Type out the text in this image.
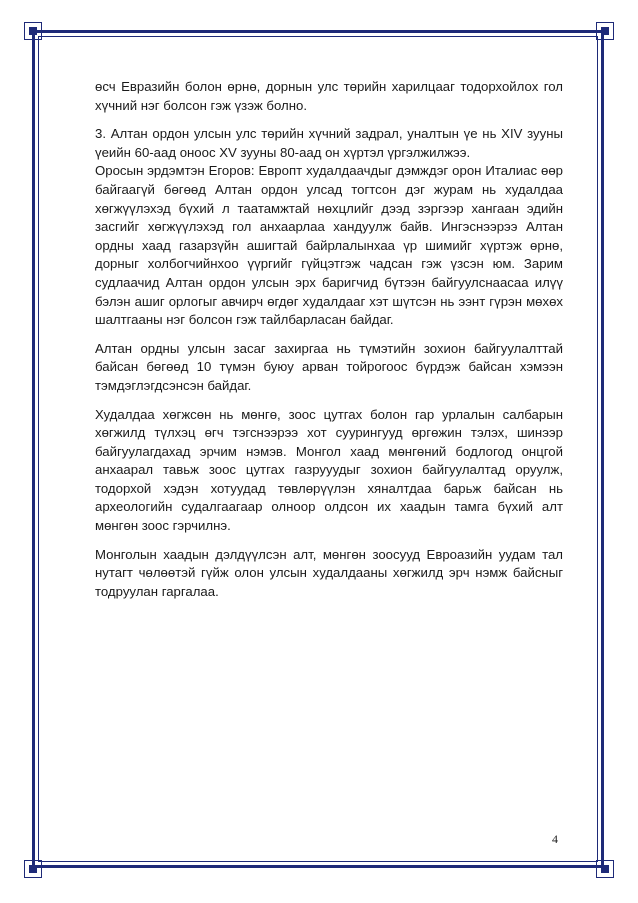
өсч Евразийн болон өрнө, дорнын улс төрийн харилцааг тодорхойлох гол хүчний нэг болсон гэж үзэж болно.

3. Алтан ордон улсын улс төрийн хүчний задрал, уналтын үе нь XIV зууны үеийн 60-аад оноос XV зууны 80-аад он хүртэл үргэлжилжээ.

Оросын эрдэмтэн Егоров: Европт худалдаачдыг дэмждэг орон Италиас өөр байгаагүй бөгөөд Алтан ордон улсад тогтсон дэг журам нь худалдаа хөгжүүлэхэд бүхий л таатамжтай нөхцлийг дээд зэргээр хангаан эдийн засгийг хөгжүүлэхэд гол анхаарлаа хандуулж байв. Ингэснээрээ Алтан ордны хаад газарзүйн ашигтай байрлалынхаа үр шимийг хүртэж өрнө, дорныг холбогчийнхоо үүргийг гүйцэтгэж чадсан гэж үзсэн юм. Зарим судлаачид Алтан ордон улсын эрх баригчид бүтээн байгуулснаасаа илүү бэлэн ашиг орлогыг авчирч өгдөг худалдааг хэт шүтсэн нь ээнт гүрэн мөхөх шалтгааны нэг болсон гэж тайлбарласан байдаг.

Алтан ордны улсын засаг захиргаа нь түмэтийн зохион байгуулалттай байсан бөгөөд 10 түмэн буюу арван тойрогоос бүрдэж байсан хэмээн тэмдэглэгдсэнсэн байдаг.

Худалдаа хөгжсөн нь мөнгө, зоос цутгах болон гар урлалын салбарын хөгжилд түлхэц өгч тэгснээрээ хот суурингууд өргөжин тэлэх, шинээр байгуулагдахад эрчим нэмэв. Монгол хаад мөнгөний бодлогод онцгой анхаарал тавьж зоос цутгах газрууудыг зохион байгуулалтад оруулж, тодорхой хэдэн хотуудад төвлөрүүлэн хяналтдаа барьж байсан нь археологийн судалгаагаар олноор олдсон их хаадын тамга бүхий алт мөнгөн зоос гэрчилнэ.

Монголын хаадын дэлдүүлсэн алт, мөнгөн зоосууд Евроазийн уудам тал нутагт чөлөөтэй гүйж олон улсын худалдааны хөгжилд эрч нэмж байсныг тодруулан гаргалаа.

4
